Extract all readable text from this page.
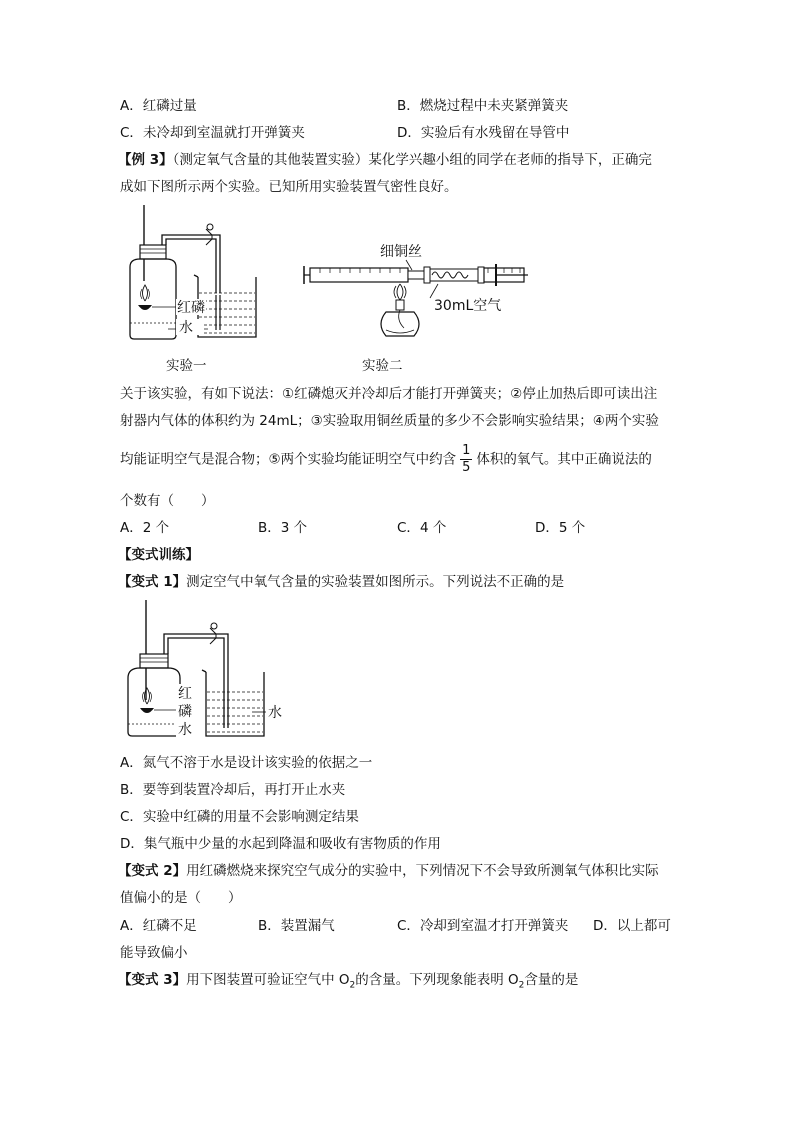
A．红磷过量	B．燃烧过程中未夹紧弹簧夹
C．未冷却到室温就打开弹簧夹	D．实验后有水残留在导管中
【例 3】（测定氧气含量的其他装置实验）某化学兴趣小组的同学在老师的指导下，正确完
成如下图所示两个实验。已知所用实验装置气密性良好。
红磷
水
实验一
细铜丝
30mL空气
实验二
关于该实验，有如下说法：①红磷熄灭并冷却后才能打开弹簧夹；②停止加热后即可读出注
射器内气体的体积约为 24mL；③实验取用铜丝质量的多少不会影响实验结果；④两个实验
均能证明空气是混合物；⑤两个实验均能证明空气中约含 $\frac{1}{5}$ 体积的氧气。其中正确说法的
个数有（　　）
A．2 个	B．3 个	C．4 个	D．5 个
【变式训练】
【变式 1】测定空气中氧气含量的实验装置如图所示。下列说法不正确的是
红
磷
水
水
A．氮气不溶于水是设计该实验的依据之一
B．要等到装置冷却后，再打开止水夹
C．实验中红磷的用量不会影响测定结果
D．集气瓶中少量的水起到降温和吸收有害物质的作用
【变式 2】用红磷燃烧来探究空气成分的实验中，下列情况下不会导致所测氧气体积比实际
值偏小的是（　　）
A．红磷不足	B．装置漏气	C．冷却到室温才打开弹簧夹 D．以上都可
能导致偏小
【变式 3】用下图装置可验证空气中 $O_2$的含量。下列现象能表明 $O_2$含量的是
